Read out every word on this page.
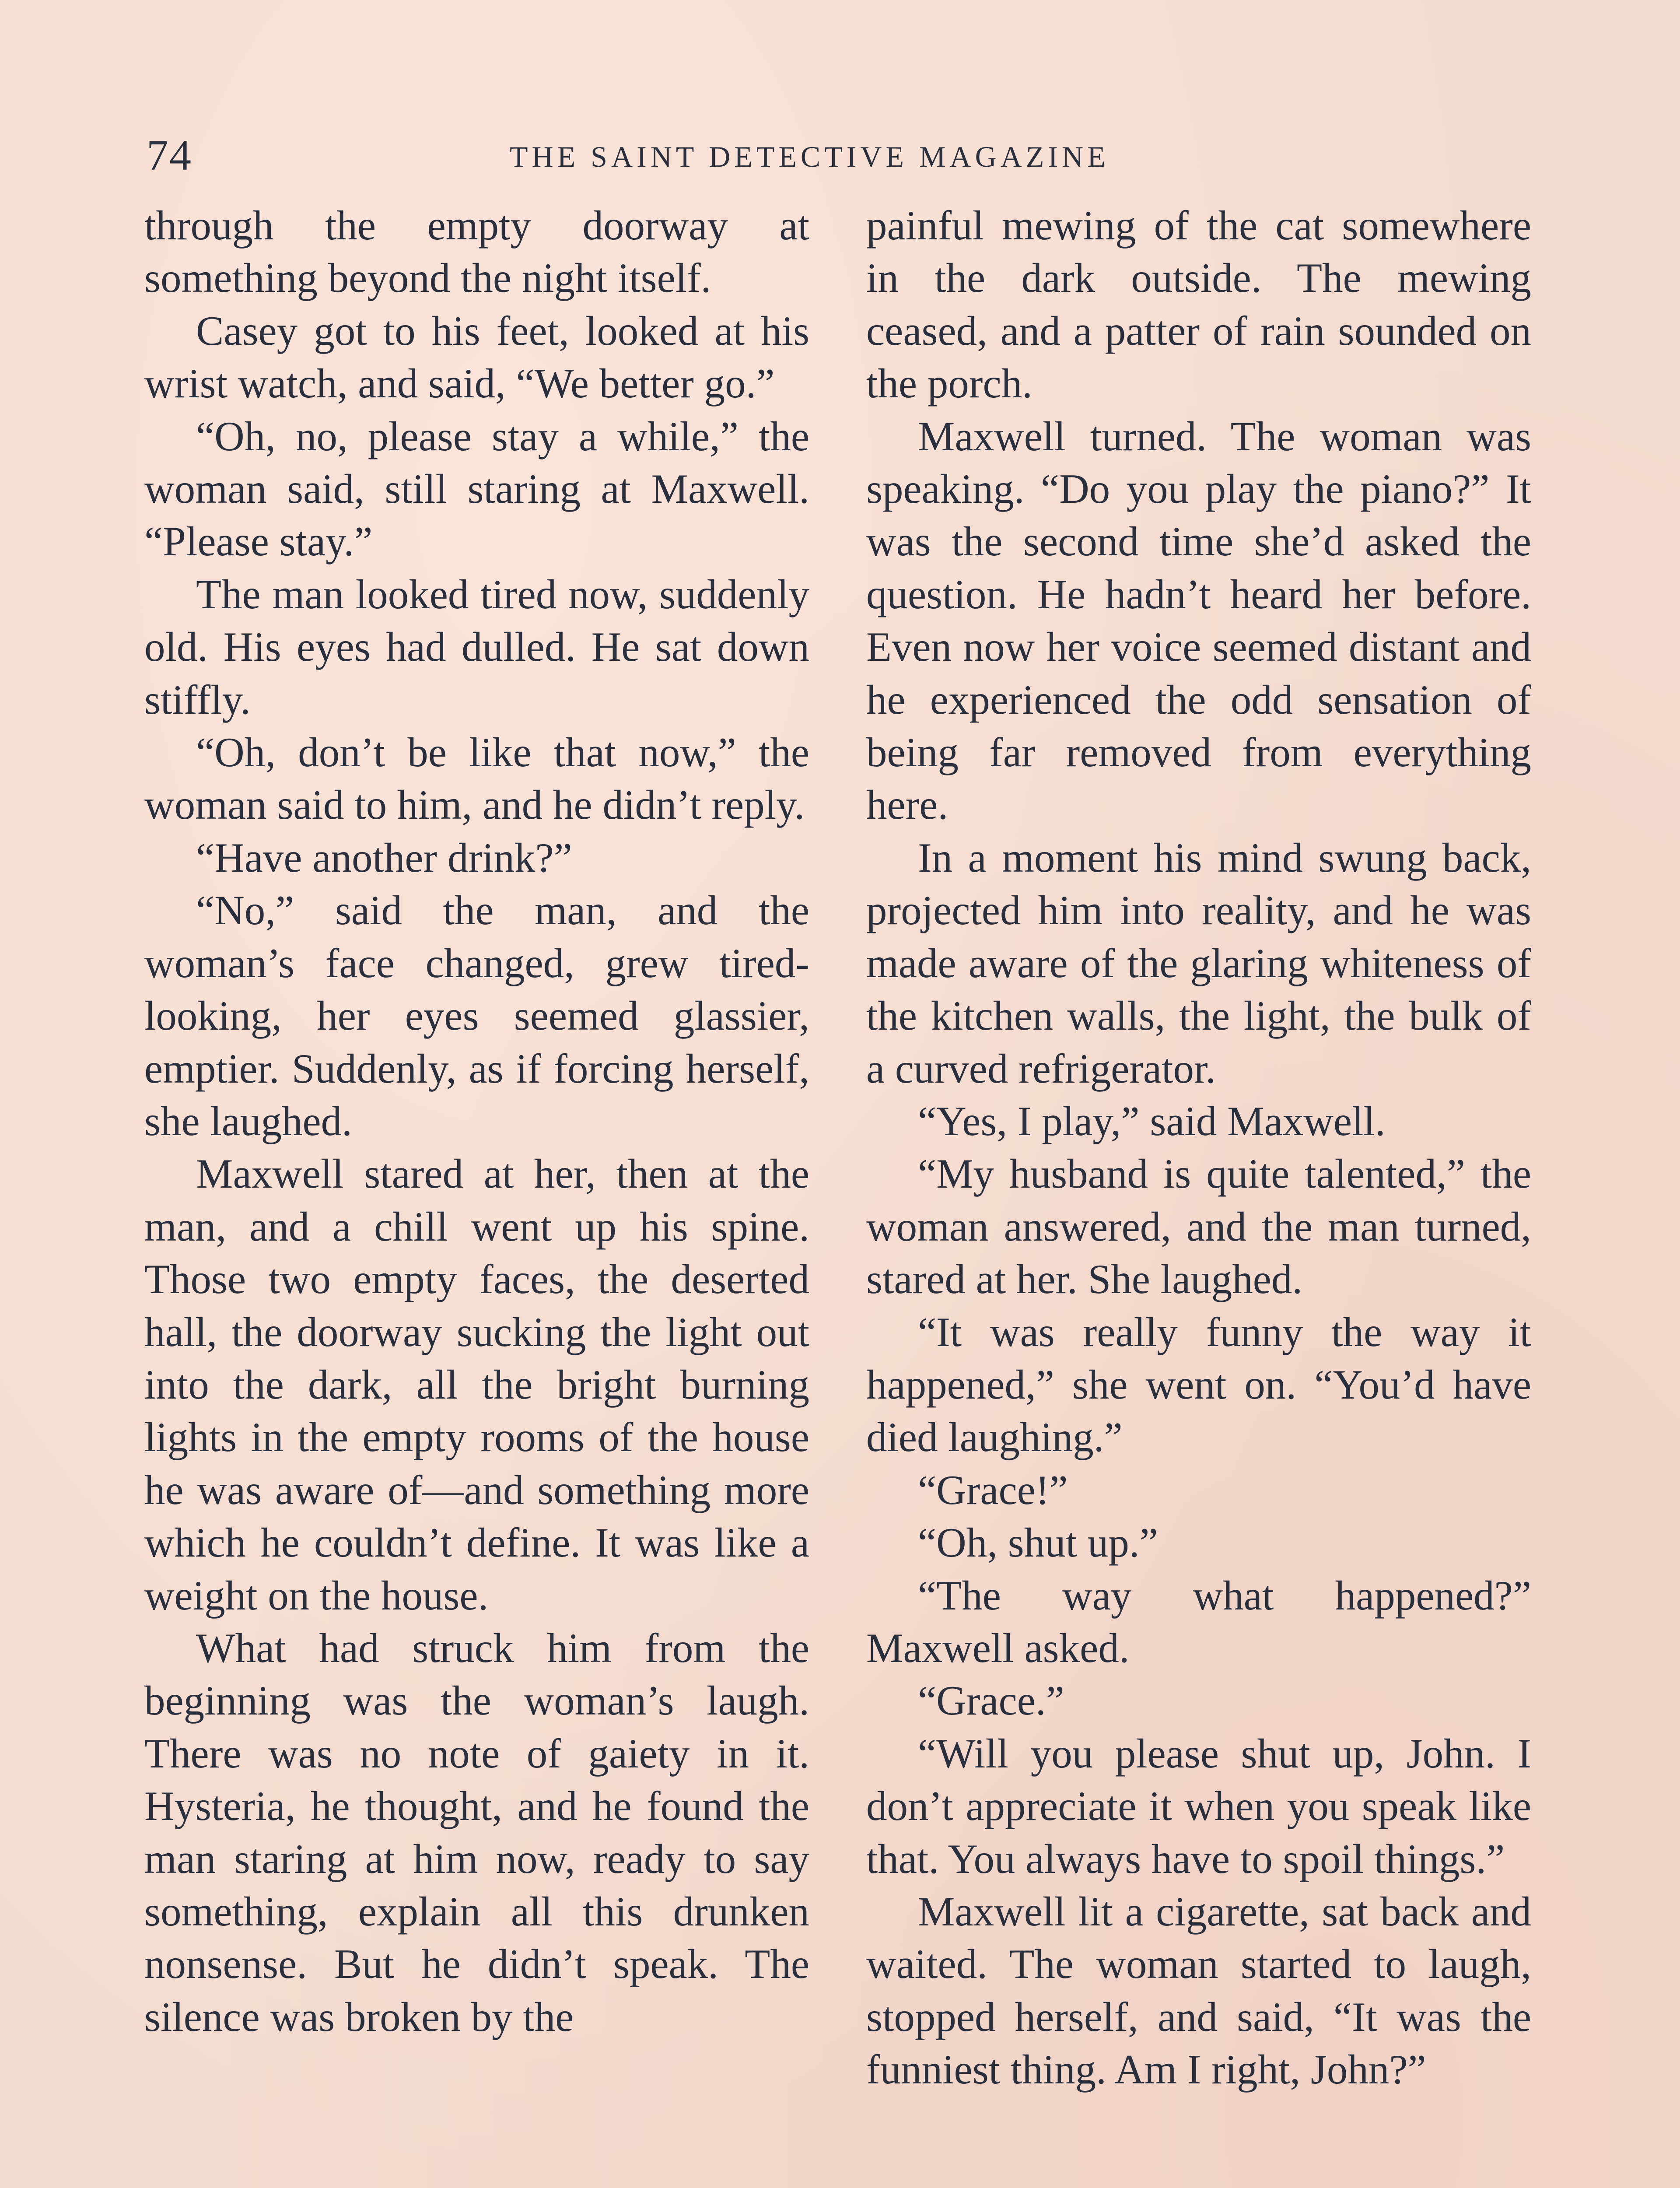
74	THE SAINT DETECTIVE MAGAZINE

through the empty doorway at something beyond the night itself.

Casey got to his feet, looked at his wrist watch, and said, “We better go.”

“Oh, no, please stay a while,” the woman said, still staring at Maxwell. “Please stay.”

The man looked tired now, suddenly old. His eyes had dulled. He sat down stiffly.

“Oh, don’t be like that now,” the woman said to him, and he didn’t reply.

“Have another drink?”

“No,” said the man, and the woman’s face changed, grew tired-looking, her eyes seemed glassier, emptier. Suddenly, as if forcing herself, she laughed.

Maxwell stared at her, then at the man, and a chill went up his spine. Those two empty faces, the deserted hall, the doorway sucking the light out into the dark, all the bright burning lights in the empty rooms of the house he was aware of—and something more which he couldn’t define. It was like a weight on the house.

What had struck him from the beginning was the woman’s laugh. There was no note of gaiety in it. Hysteria, he thought, and he found the man staring at him now, ready to say something, explain all this drunken nonsense. But he didn’t speak. The silence was broken by the

painful mewing of the cat somewhere in the dark outside. The mewing ceased, and a patter of rain sounded on the porch.

Maxwell turned. The woman was speaking. “Do you play the piano?” It was the second time she’d asked the question. He hadn’t heard her before. Even now her voice seemed distant and he experienced the odd sensation of being far removed from everything here.

In a moment his mind swung back, projected him into reality, and he was made aware of the glaring whiteness of the kitchen walls, the light, the bulk of a curved refrigerator.

“Yes, I play,” said Maxwell.

“My husband is quite talented,” the woman answered, and the man turned, stared at her. She laughed.

“It was really funny the way it happened,” she went on. “You’d have died laughing.”

“Grace!”

“Oh, shut up.”

“The way what happened?” Maxwell asked.

“Grace.”

“Will you please shut up, John. I don’t appreciate it when you speak like that. You always have to spoil things.”

Maxwell lit a cigarette, sat back and waited. The woman started to laugh, stopped herself, and said, “It was the funniest thing. Am I right, John?”
